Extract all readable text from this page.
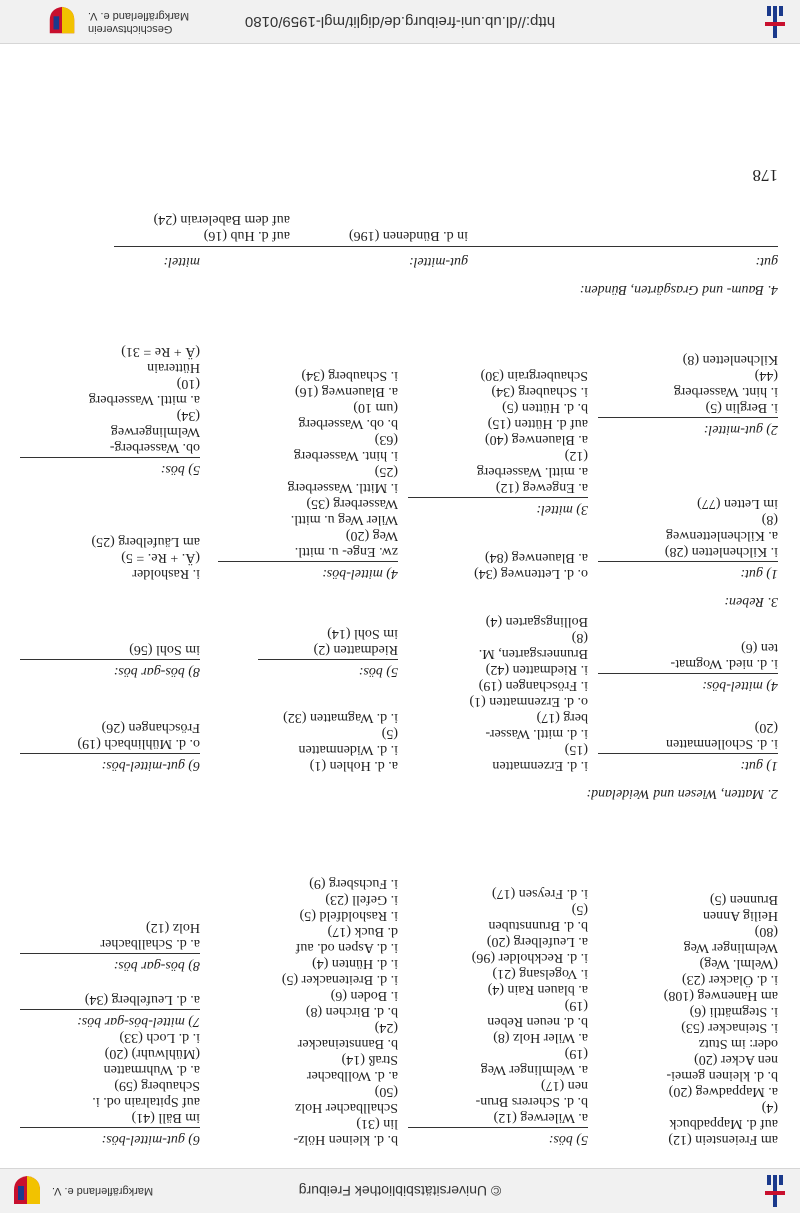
© Universitätsbibliothek Freiburg
Markgräflerland e. V.
http://dl.ub.uni-freiburg.de/diglit/mgl-1959/0180
Geschichtsverein
Markgräflerland e. V.
am Freienstein (12)
auf d. Mappadbuck
(4)
a. Mappadweg (20)
b. d. kleinen gemei-
nen Acker (20)
oder: im Stutz
i. Steinacker (53)
i. Stegmättli (6)
am Hanenweg (108)
i. d. Ölacker (23)
(Welml. Weg)
Welmlinger Weg
(80)
Heilig Annen
Brunnen (5)
5) bös:
a. Wilerweg (12)
b. d. Scherers Brun-
nen (17)
a. Welmlinger Weg
(19)
a. Wiler Holz (8)
b. d. neuen Reben
(19)
a. blauen Rain (4)
i. Vogelsang (21)
i. d. Reckholder (96)
a. Leufelberg (20)
b. d. Brunnstuben
(5)
i. d. Freysen (17)
b. d. kleinen Hölz-
lin (31)
Schallbacher Holz
(50)
a. d. Wollbacher
Straß (14)
b. Bannsteinacker
(24)
b. d. Birchen (8)
i. Boden (6)
i. d. Breitenacker (5)
i. d. Hünten (4)
i. d. Aspen od. auf
d. Buck (17)
i. Rasholdfeld (5)
i. Gefell (23)
i. Fuchsberg (9)
6) gut-mittel-bös:
im Bäll (41)
auf Spitalrain od. i.
Schauberg (59)
a. d. Wuhrmatten
(Mühlwuhr) (20)
i. d. Loch (33)
7) mittel-bös-gar bös:
a. d. Leufelberg (34)
8) bös-gar bös:
a. d. Schallbacher
Holz (12)
2. Matten, Wiesen und Weideland:
1) gut:
i. d. Schollenmatten
(20)
4) mittel-bös:
i. d. nied. Wogmat-
ten (6)
i. d. Erzenmatten
(15)
i. d. mittl. Wasser-
berg (17)
o. d. Erzenmatten (1)
i. Fröschangen (19)
i. Riedmatten (42)
Brunnersgarten, M.
(8)
Bollingsgarten (4)
a. d. Hohlen (1)
i. d. Widenmatten
(5)
i. d. Wagmatten (32)
5) bös:
Riedmatten (2)
im Sohl (14)
6) gut-mittel-bös:
o. d. Mühlinbach (19)
Fröschangen (26)
8) bös-gar bös:
im Sohl (56)
3. Reben:
1) gut:
i. Kilchenletten (28)
a. Kilchenlettenweg
(8)
im Letten (77)
2) gut-mittel:
i. Berglin (5)
i. hint. Wasserberg
(44)
Kilchenletten (8)
o. d. Lettenweg (34)
a. Blauenweg (84)
3) mittel:
a. Engeweg (12)
a. mittl. Wasserberg
(12)
a. Blauenweg (40)
auf d. Hütten (15)
b. d. Hütten (5)
i. Schauberg (34)
Schaubergrain (30)
4) mittel-bös:
zw. Enge- u. mittl.
Weg (20)
Wiler Weg u. mittl.
Wasserberg (35)
i. Mittl. Wasserberg
(25)
i. hint. Wasserberg
(63)
b. ob. Wasserberg
(um 10)
a. Blauenweg (16)
i. Schauberg (34)
i. Rasholder
(Ä. + Re. = 5)
am Läufelberg (25)
5) bös:
ob. Wasserberg-
Welmlingerweg
(34)
a. mittl. Wasserberg
(10)
Hütterain
(Ä + Re = 31)
4. Baum- und Grasgärten, Bünden:
gut:
gut-mittel:
mittel:
in d. Bündenen (196)
auf d. Hub (16)
auf dem Babelerain (24)
178
